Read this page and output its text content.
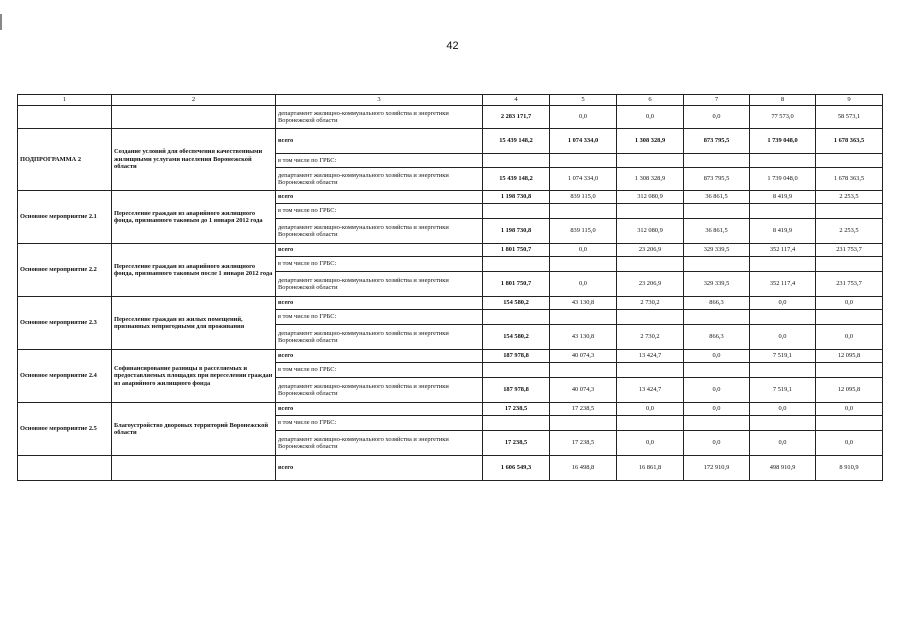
42
1	2	3	4	5	6	7	8	9
		департамент жилищно-коммунального хозяйства и энергетики Воронежской области	2 283 171,7	0,0	0,0	0,0	77 573,0	58 573,1
ПОДПРОГРАММА 2	Создание условий для обеспечения качественными жилищными услугами населения Воронежской области	всего	15 439 148,2	1 074 334,0	1 308 328,9	873 795,5	1 739 048,0	1 678 363,5
		в том числе по ГРБС:						
		департамент жилищно-коммунального хозяйства и энергетики Воронежской области	15 439 148,2	1 074 334,0	1 308 328,9	873 795,5	1 739 048,0	1 678 363,5
Основное мероприятие 2.1	Переселение граждан из аварийного жилищного фонда, признанного таковым до 1 января 2012 года	всего	1 198 730,8	839 115,0	312 080,9	36 861,5	8 419,9	2 253,5
		в том числе по ГРБС:						
		департамент жилищно-коммунального хозяйства и энергетики Воронежской области	1 198 730,8	839 115,0	312 080,9	36 861,5	8 419,9	2 253,5
Основное мероприятие 2.2	Переселение граждан из аварийного жилищного фонда, признанного таковым после 1 января 2012 года	всего	1 801 750,7	0,0	23 206,9	329 339,5	352 117,4	231 753,7
		в том числе по ГРБС:						
		департамент жилищно-коммунального хозяйства и энергетики Воронежской области	1 801 750,7	0,0	23 206,9	329 339,5	352 117,4	231 753,7
Основное мероприятие 2.3	Переселение граждан из жилых помещений, признанных непригодными для проживания	всего	154 580,2	43 130,8	2 730,2	866,3	0,0	0,0
		в том числе по ГРБС:						
		департамент жилищно-коммунального хозяйства и энергетики Воронежской области	154 580,2	43 130,8	2 730,2	866,3	0,0	0,0
Основное мероприятие 2.4	Софинансирование разницы в расселяемых и предоставляемых площадях при переселении граждан из аварийного жилищного фонда	всего	187 978,8	40 074,3	13 424,7	0,0	7 519,1	12 095,8
		в том числе по ГРБС:						
		департамент жилищно-коммунального хозяйства и энергетики Воронежской области	187 978,8	40 074,3	13 424,7	0,0	7 519,1	12 095,8
Основное мероприятие 2.5	Благоустройство дворовых территорий Воронежской области	всего	17 238,5	17 238,5	0,0	0,0	0,0	0,0
		в том числе по ГРБС:						
		департамент жилищно-коммунального хозяйства и энергетики Воронежской области	17 238,5	17 238,5	0,0	0,0	0,0	0,0
		всего	1 606 549,3	16 498,8	16 861,8	172 910,9	498 910,9	8 910,9
